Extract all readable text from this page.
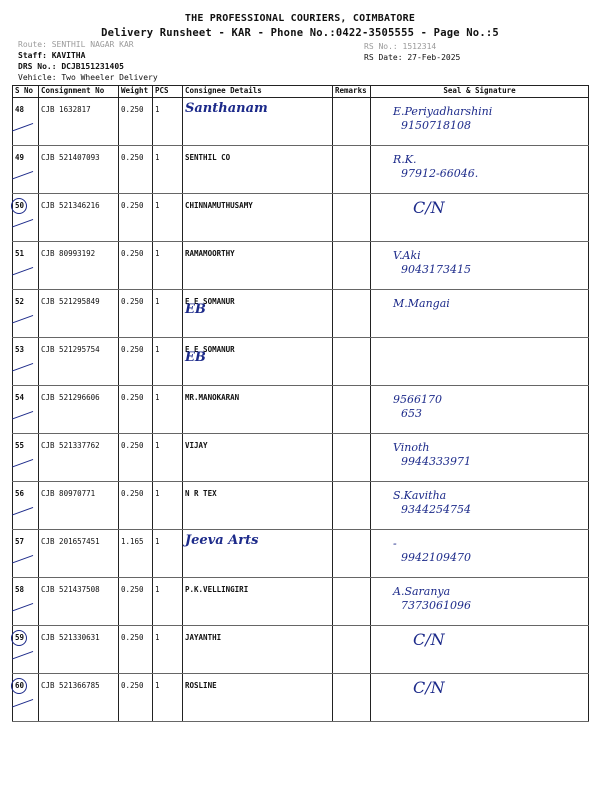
THE PROFESSIONAL COURIERS, COIMBATORE
Delivery Runsheet - KAR - Phone No.:0422-3505555 - Page No.:5
Route: SENTHIL NAGAR KAR
Staff: KAVITHA
DRS No.: DCJB151231405
Vehicle: Two Wheeler Delivery
RS No.: 1512314
RS Date: 27-Feb-2025
S No	Consignment No	Weight	PCS	Consignee Details	Remarks	Seal & Signature
48	CJB 1632817	0.250	1	Santhanam		E.Periyadharshini
9150718108

49	CJB 521407093	0.250	1	SENTHIL CO		R.K.
97912-66046.

50	CJB 521346216	0.250	1	CHINNAMUTHUSAMY		C/N

51	CJB 80993192	0.250	1	RAMAMOORTHY		V.Aki
9043173415

52	CJB 521295849	0.250	1	E E SOMANUR
EB		M.Mangai

53	CJB 521295754	0.250	1	E E SOMANUR
EB		

54	CJB 521296606	0.250	1	MR.MANOKARAN		9566170
653

55	CJB 521337762	0.250	1	VIJAY		Vinoth
9944333971

56	CJB 80970771	0.250	1	N R TEX		S.Kavitha
9344254754

57	CJB 201657451	1.165	1	Jeeva Arts		-
9942109470

58	CJB 521437508	0.250	1	P.K.VELLINGIRI		A.Saranya
7373061096

59	CJB 521330631	0.250	1	JAYANTHI		C/N

60	CJB 521366785	0.250	1	ROSLINE		C/N
